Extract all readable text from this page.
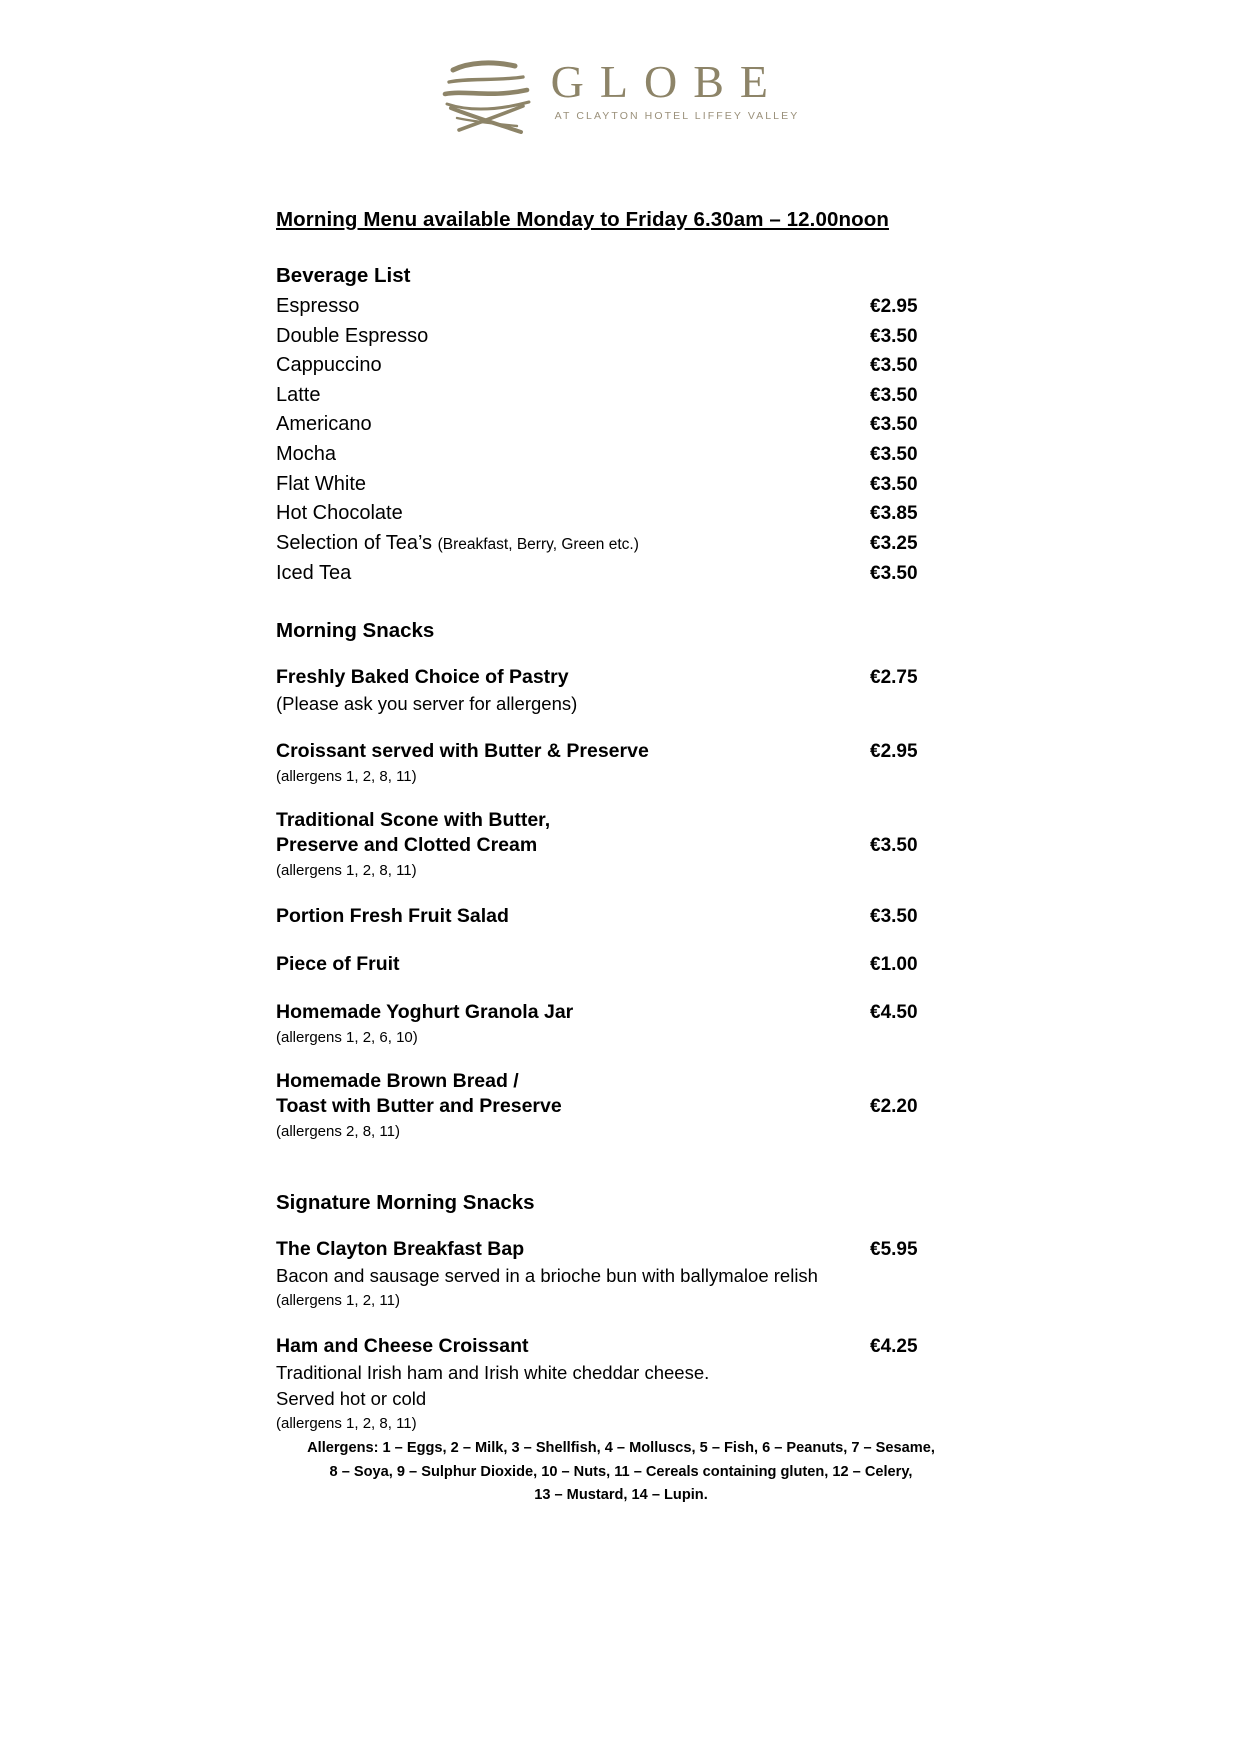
GLOBE
AT CLAYTON HOTEL LIFFEY VALLEY
Morning Menu available Monday to Friday 6.30am – 12.00noon
Beverage List
Espresso	€2.95
Double Espresso	€3.50
Cappuccino	€3.50
Latte	€3.50
Americano	€3.50
Mocha	€3.50
Flat White	€3.50
Hot Chocolate	€3.85
Selection of Tea’s (Breakfast, Berry, Green etc.)	€3.25
Iced Tea	€3.50
Morning Snacks
Freshly Baked Choice of Pastry	€2.75
(Please ask you server for allergens)
Croissant served with Butter & Preserve	€2.95
(allergens 1, 2, 8, 11)
Traditional Scone with Butter,
Preserve and Clotted Cream	€3.50
(allergens 1, 2, 8, 11)
Portion Fresh Fruit Salad	€3.50
Piece of Fruit	€1.00
Homemade Yoghurt Granola Jar	€4.50
(allergens 1, 2, 6, 10)
Homemade Brown Bread /
Toast with Butter and Preserve	€2.20
(allergens 2, 8, 11)
Signature Morning Snacks
The Clayton Breakfast Bap	€5.95
Bacon and sausage served in a brioche bun with ballymaloe relish
(allergens 1, 2, 11)
Ham and Cheese Croissant	€4.25
Traditional Irish ham and Irish white cheddar cheese.
Served hot or cold
(allergens 1, 2, 8, 11)
Allergens: 1 – Eggs, 2 – Milk, 3 – Shellfish, 4 – Molluscs, 5 – Fish, 6 – Peanuts, 7 – Sesame,
8 – Soya, 9 – Sulphur Dioxide, 10 – Nuts, 11 – Cereals containing gluten, 12 – Celery,
13 – Mustard, 14 – Lupin.
